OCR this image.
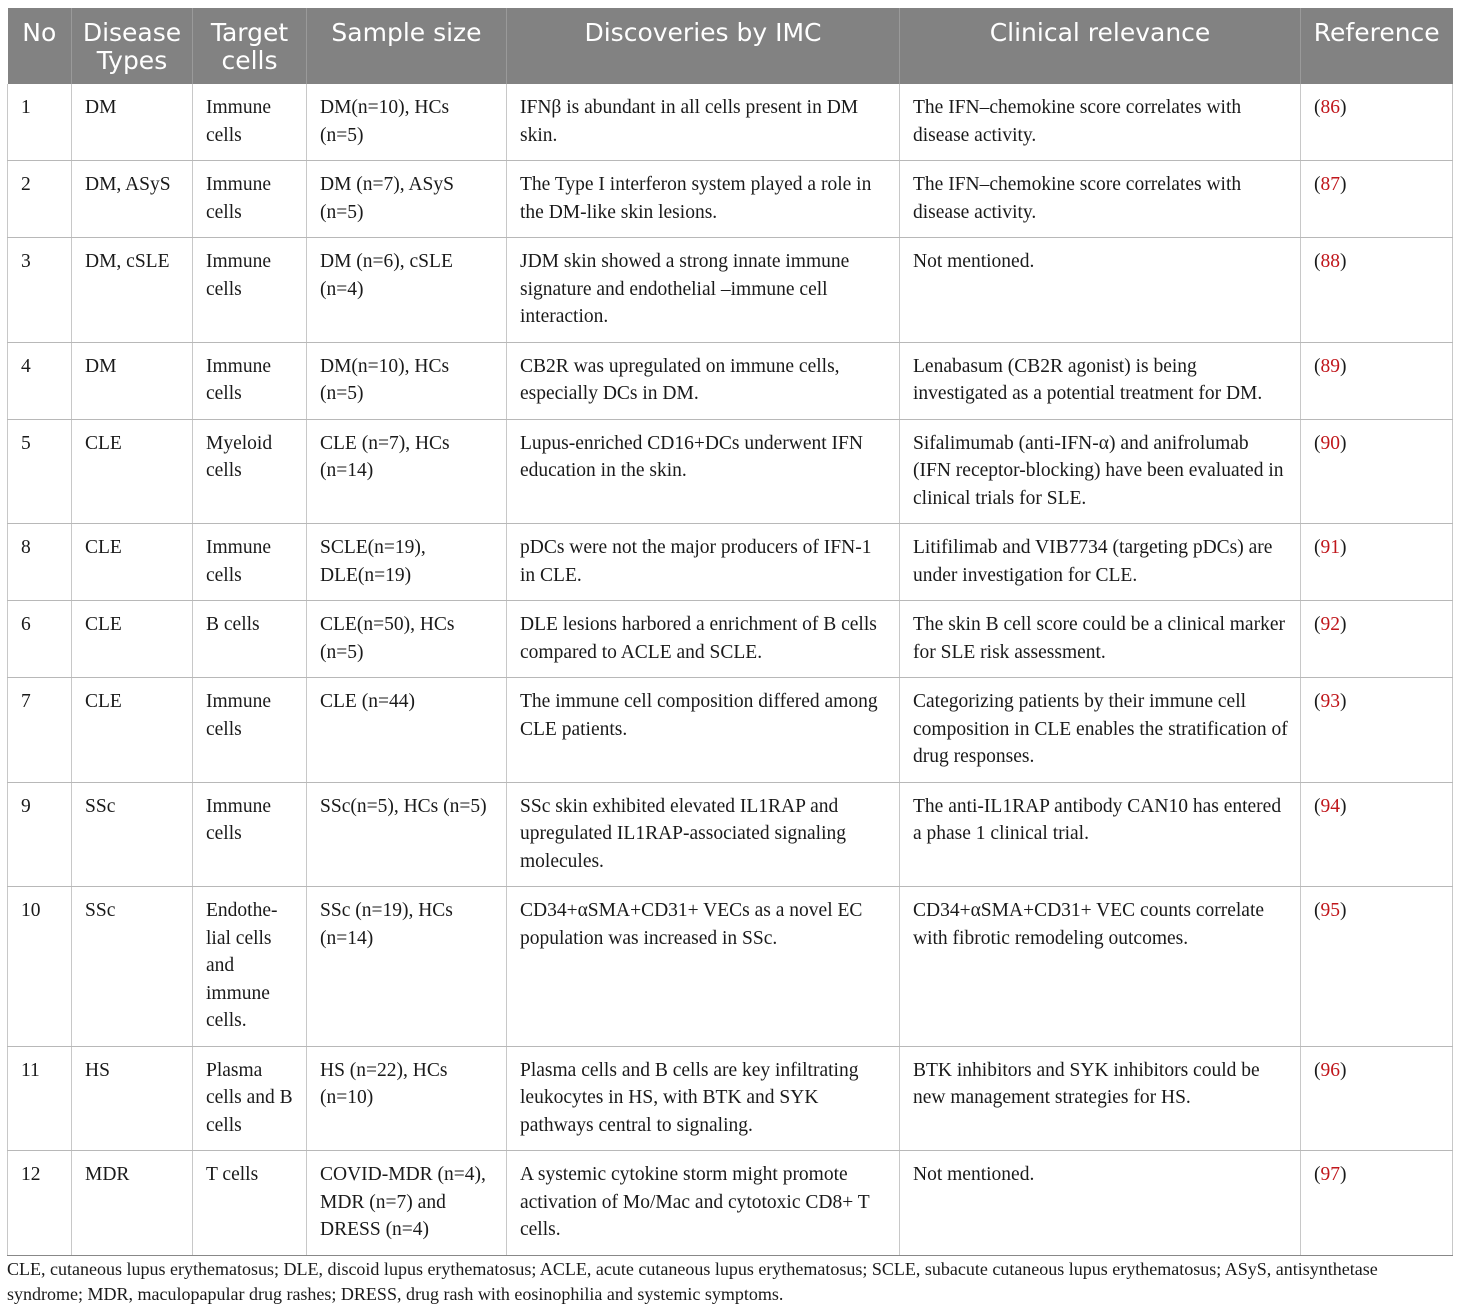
No	Disease Types	Target cells	Sample size	Discoveries by IMC	Clinical relevance	Reference
1	DM	Immune cells	DM(n=10), HCs (n=5)	IFNβ is abundant in all cells present in DM skin.	The IFN–chemokine score correlates with disease activity.	(86)
2	DM, ASyS	Immune cells	DM (n=7), ASyS (n=5)	The Type I interferon system played a role in the DM-like skin lesions.	The IFN–chemokine score correlates with disease activity.	(87)
3	DM, cSLE	Immune cells	DM (n=6), cSLE (n=4)	JDM skin showed a strong innate immune signature and endothelial –immune cell interaction.	Not mentioned.	(88)
4	DM	Immune cells	DM(n=10), HCs (n=5)	CB2R was upregulated on immune cells, especially DCs in DM.	Lenabasum (CB2R agonist) is being investigated as a potential treatment for DM.	(89)
5	CLE	Myeloid cells	CLE (n=7), HCs (n=14)	Lupus-enriched CD16+DCs underwent IFN education in the skin.	Sifalimumab (anti-IFN-α) and anifrolumab (IFN receptor-blocking) have been evaluated in clinical trials for SLE.	(90)
8	CLE	Immune cells	SCLE(n=19), DLE(n=19)	pDCs were not the major producers of IFN-1 in CLE.	Litifilimab and VIB7734 (targeting pDCs) are under investigation for CLE.	(91)
6	CLE	B cells	CLE(n=50), HCs (n=5)	DLE lesions harbored a enrichment of B cells compared to ACLE and SCLE.	The skin B cell score could be a clinical marker for SLE risk assessment.	(92)
7	CLE	Immune cells	CLE (n=44)	The immune cell composition differed among CLE patients.	Categorizing patients by their immune cell composition in CLE enables the stratification of drug responses.	(93)
9	SSc	Immune cells	SSc(n=5), HCs (n=5)	SSc skin exhibited elevated IL1RAP and upregulated IL1RAP-associated signaling molecules.	The anti-IL1RAP antibody CAN10 has entered a phase 1 clinical trial.	(94)
10	SSc	Endothe-lial cells and immune cells.	SSc (n=19), HCs (n=14)	CD34+αSMA+CD31+ VECs as a novel EC population was increased in SSc.	CD34+αSMA+CD31+ VEC counts correlate with fibrotic remodeling outcomes.	(95)
11	HS	Plasma cells and B cells	HS (n=22), HCs (n=10)	Plasma cells and B cells are key infiltrating leukocytes in HS, with BTK and SYK pathways central to signaling.	BTK inhibitors and SYK inhibitors could be new management strategies for HS.	(96)
12	MDR	T cells	COVID-MDR (n=4), MDR (n=7) and DRESS (n=4)	A systemic cytokine storm might promote activation of Mo/Mac and cytotoxic CD8+ T cells.	Not mentioned.	(97)
CLE, cutaneous lupus erythematosus; DLE, discoid lupus erythematosus; ACLE, acute cutaneous lupus erythematosus; SCLE, subacute cutaneous lupus erythematosus; ASyS, antisynthetase syndrome; MDR, maculopapular drug rashes; DRESS, drug rash with eosinophilia and systemic symptoms.
